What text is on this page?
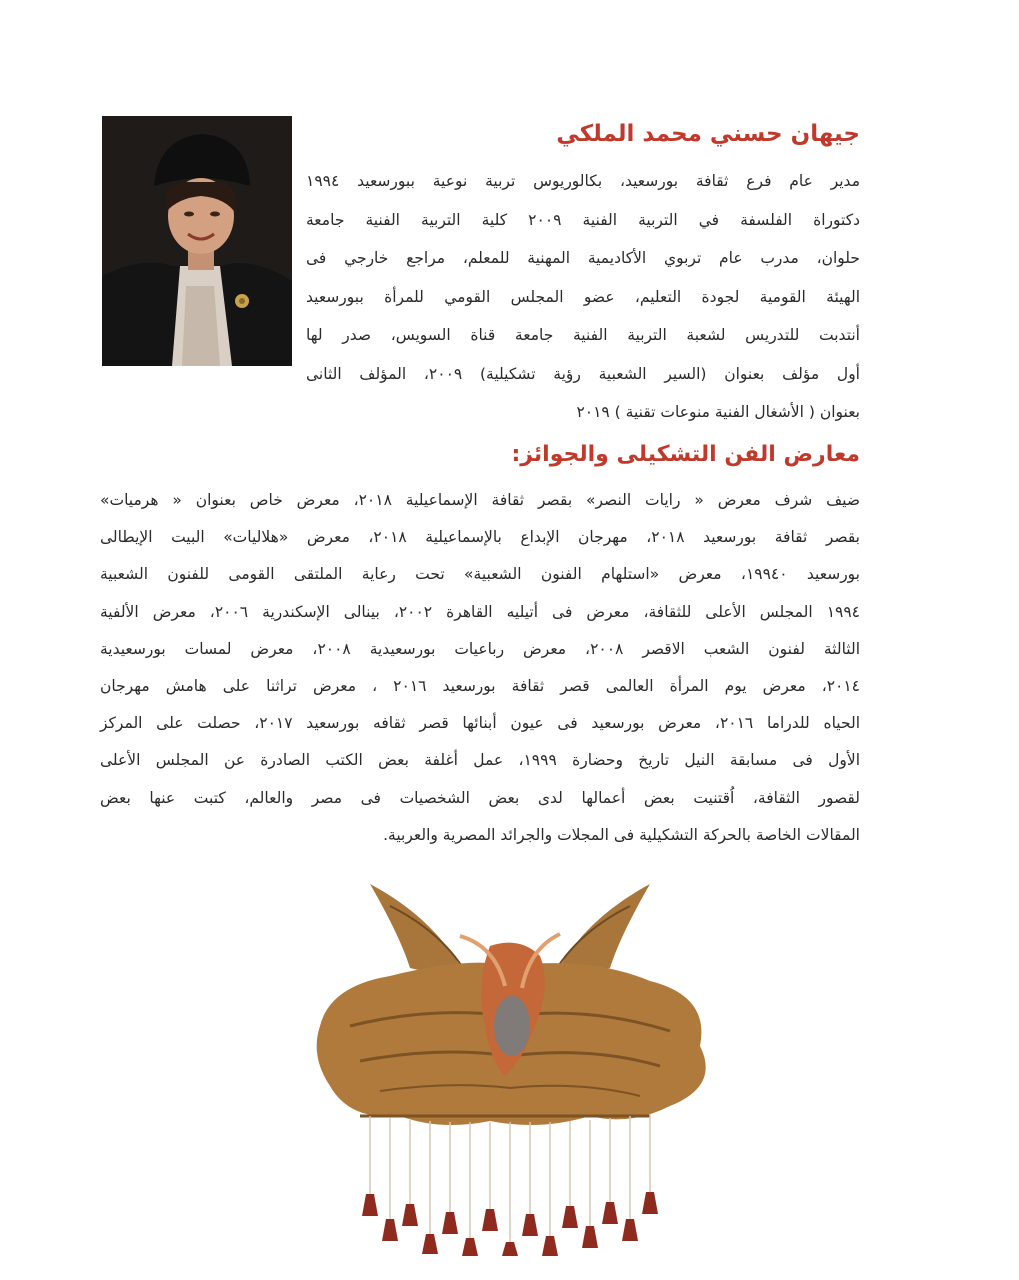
جيهان حسني محمد الملكي
مدير عام فرع ثقافة بورسعيد، بكالوريوس تربية نوعية ببورسعيد ١٩٩٤
دكتوراة الفلسفة في التربية الفنية ٢٠٠٩ كلية التربية الفنية جامعة
حلوان، مدرب عام تربوي الأكاديمية المهنية للمعلم، مراجع خارجي فى
الهيئة القومية لجودة التعليم، عضو المجلس القومي للمرأة ببورسعيد
أنتدبت للتدريس لشعبة التربية الفنية جامعة قناة السويس، صدر لها
أول مؤلف بعنوان (السير الشعبية رؤية تشكيلية) ٢٠٠٩، المؤلف الثانى
بعنوان ( الأشغال الفنية منوعات تقنية ) ٢٠١٩
معارض الفن التشكيلى والجوائز:
ضيف شرف معرض « رايات النصر» بقصر ثقافة الإسماعيلية ٢٠١٨، معرض خاص بعنوان « هرميات»
بقصر ثقافة بورسعيد ٢٠١٨، مهرجان الإبداع بالإسماعيلية ٢٠١٨، معرض «هلاليات» البيت الإيطالى
بورسعيد ١٩٩٤٠، معرض «استلهام الفنون الشعبية» تحت رعاية الملتقى القومى للفنون الشعبية
١٩٩٤ المجلس الأعلى للثقافة، معرض فى أتيليه القاهرة ٢٠٠٢، بينالى الإسكندرية ٢٠٠٦، معرض الألفية
الثالثة لفنون الشعب الاقصر ٢٠٠٨، معرض رباعيات بورسعيدية ٢٠٠٨، معرض لمسات بورسعيدية
٢٠١٤، معرض يوم المرأة العالمى قصر ثقافة بورسعيد ٢٠١٦ ، معرض تراثنا على هامش مهرجان
الحياه للدراما ٢٠١٦، معرض بورسعيد فى عيون أبنائها قصر ثقافه بورسعيد ٢٠١٧، حصلت على المركز
الأول فى مسابقة النيل تاريخ وحضارة ١٩٩٩، عمل أغلفة بعض الكتب الصادرة عن المجلس الأعلى
لقصور الثقافة، اُقتنيت بعض أعمالها لدى بعض الشخصيات فى مصر والعالم، كتبت عنها بعض
المقالات الخاصة بالحركة التشكيلية فى المجلات والجرائد المصرية والعربية.
